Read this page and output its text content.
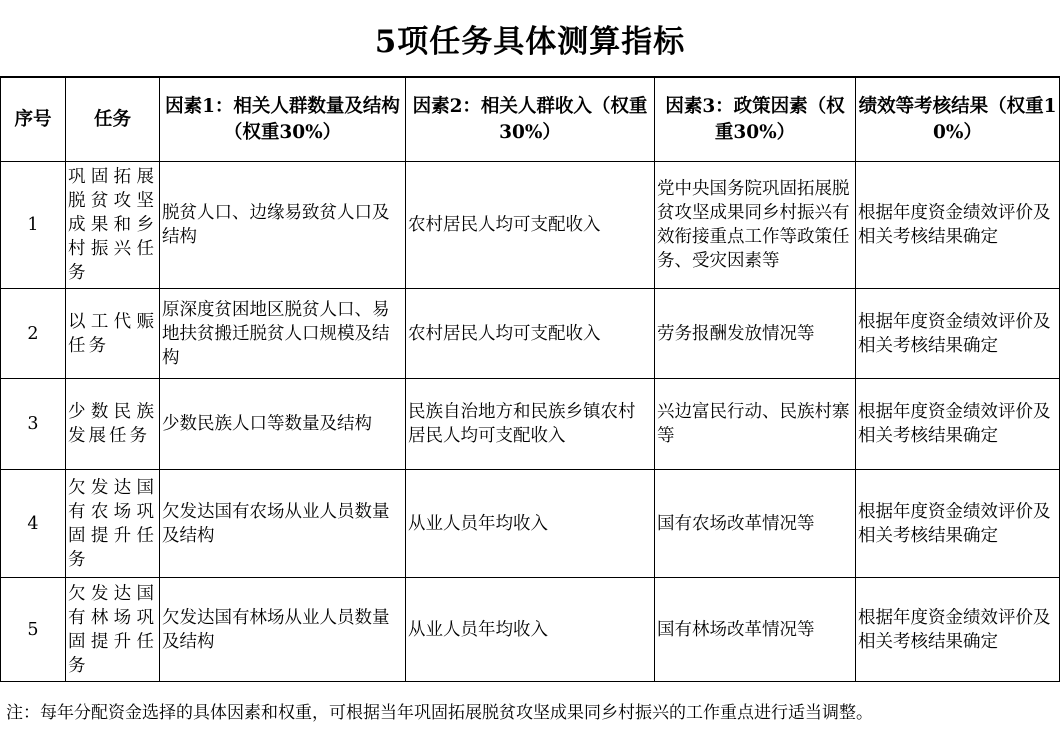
5项任务具体测算指标
序号	任务	因素1：相关人群数量及结构（权重30%）	因素2：相关人群收入（权重30%）	因素3：政策因素（权重30%）	绩效等考核结果（权重10%）
1	巩固拓展脱贫攻坚成果和乡村振兴任务	脱贫人口、边缘易致贫人口及结构	农村居民人均可支配收入	党中央国务院巩固拓展脱贫攻坚成果同乡村振兴有效衔接重点工作等政策任务、受灾因素等	根据年度资金绩效评价及相关考核结果确定
2	以工代赈任务	原深度贫困地区脱贫人口、易地扶贫搬迁脱贫人口规模及结构	农村居民人均可支配收入	劳务报酬发放情况等	根据年度资金绩效评价及相关考核结果确定
3	少数民族发展任务	少数民族人口等数量及结构	民族自治地方和民族乡镇农村居民人均可支配收入	兴边富民行动、民族村寨等	根据年度资金绩效评价及相关考核结果确定
4	欠发达国有农场巩固提升任务	欠发达国有农场从业人员数量及结构	从业人员年均收入	国有农场改革情况等	根据年度资金绩效评价及相关考核结果确定
5	欠发达国有林场巩固提升任务	欠发达国有林场从业人员数量及结构	从业人员年均收入	国有林场改革情况等	根据年度资金绩效评价及相关考核结果确定
注：每年分配资金选择的具体因素和权重，可根据当年巩固拓展脱贫攻坚成果同乡村振兴的工作重点进行适当调整。
